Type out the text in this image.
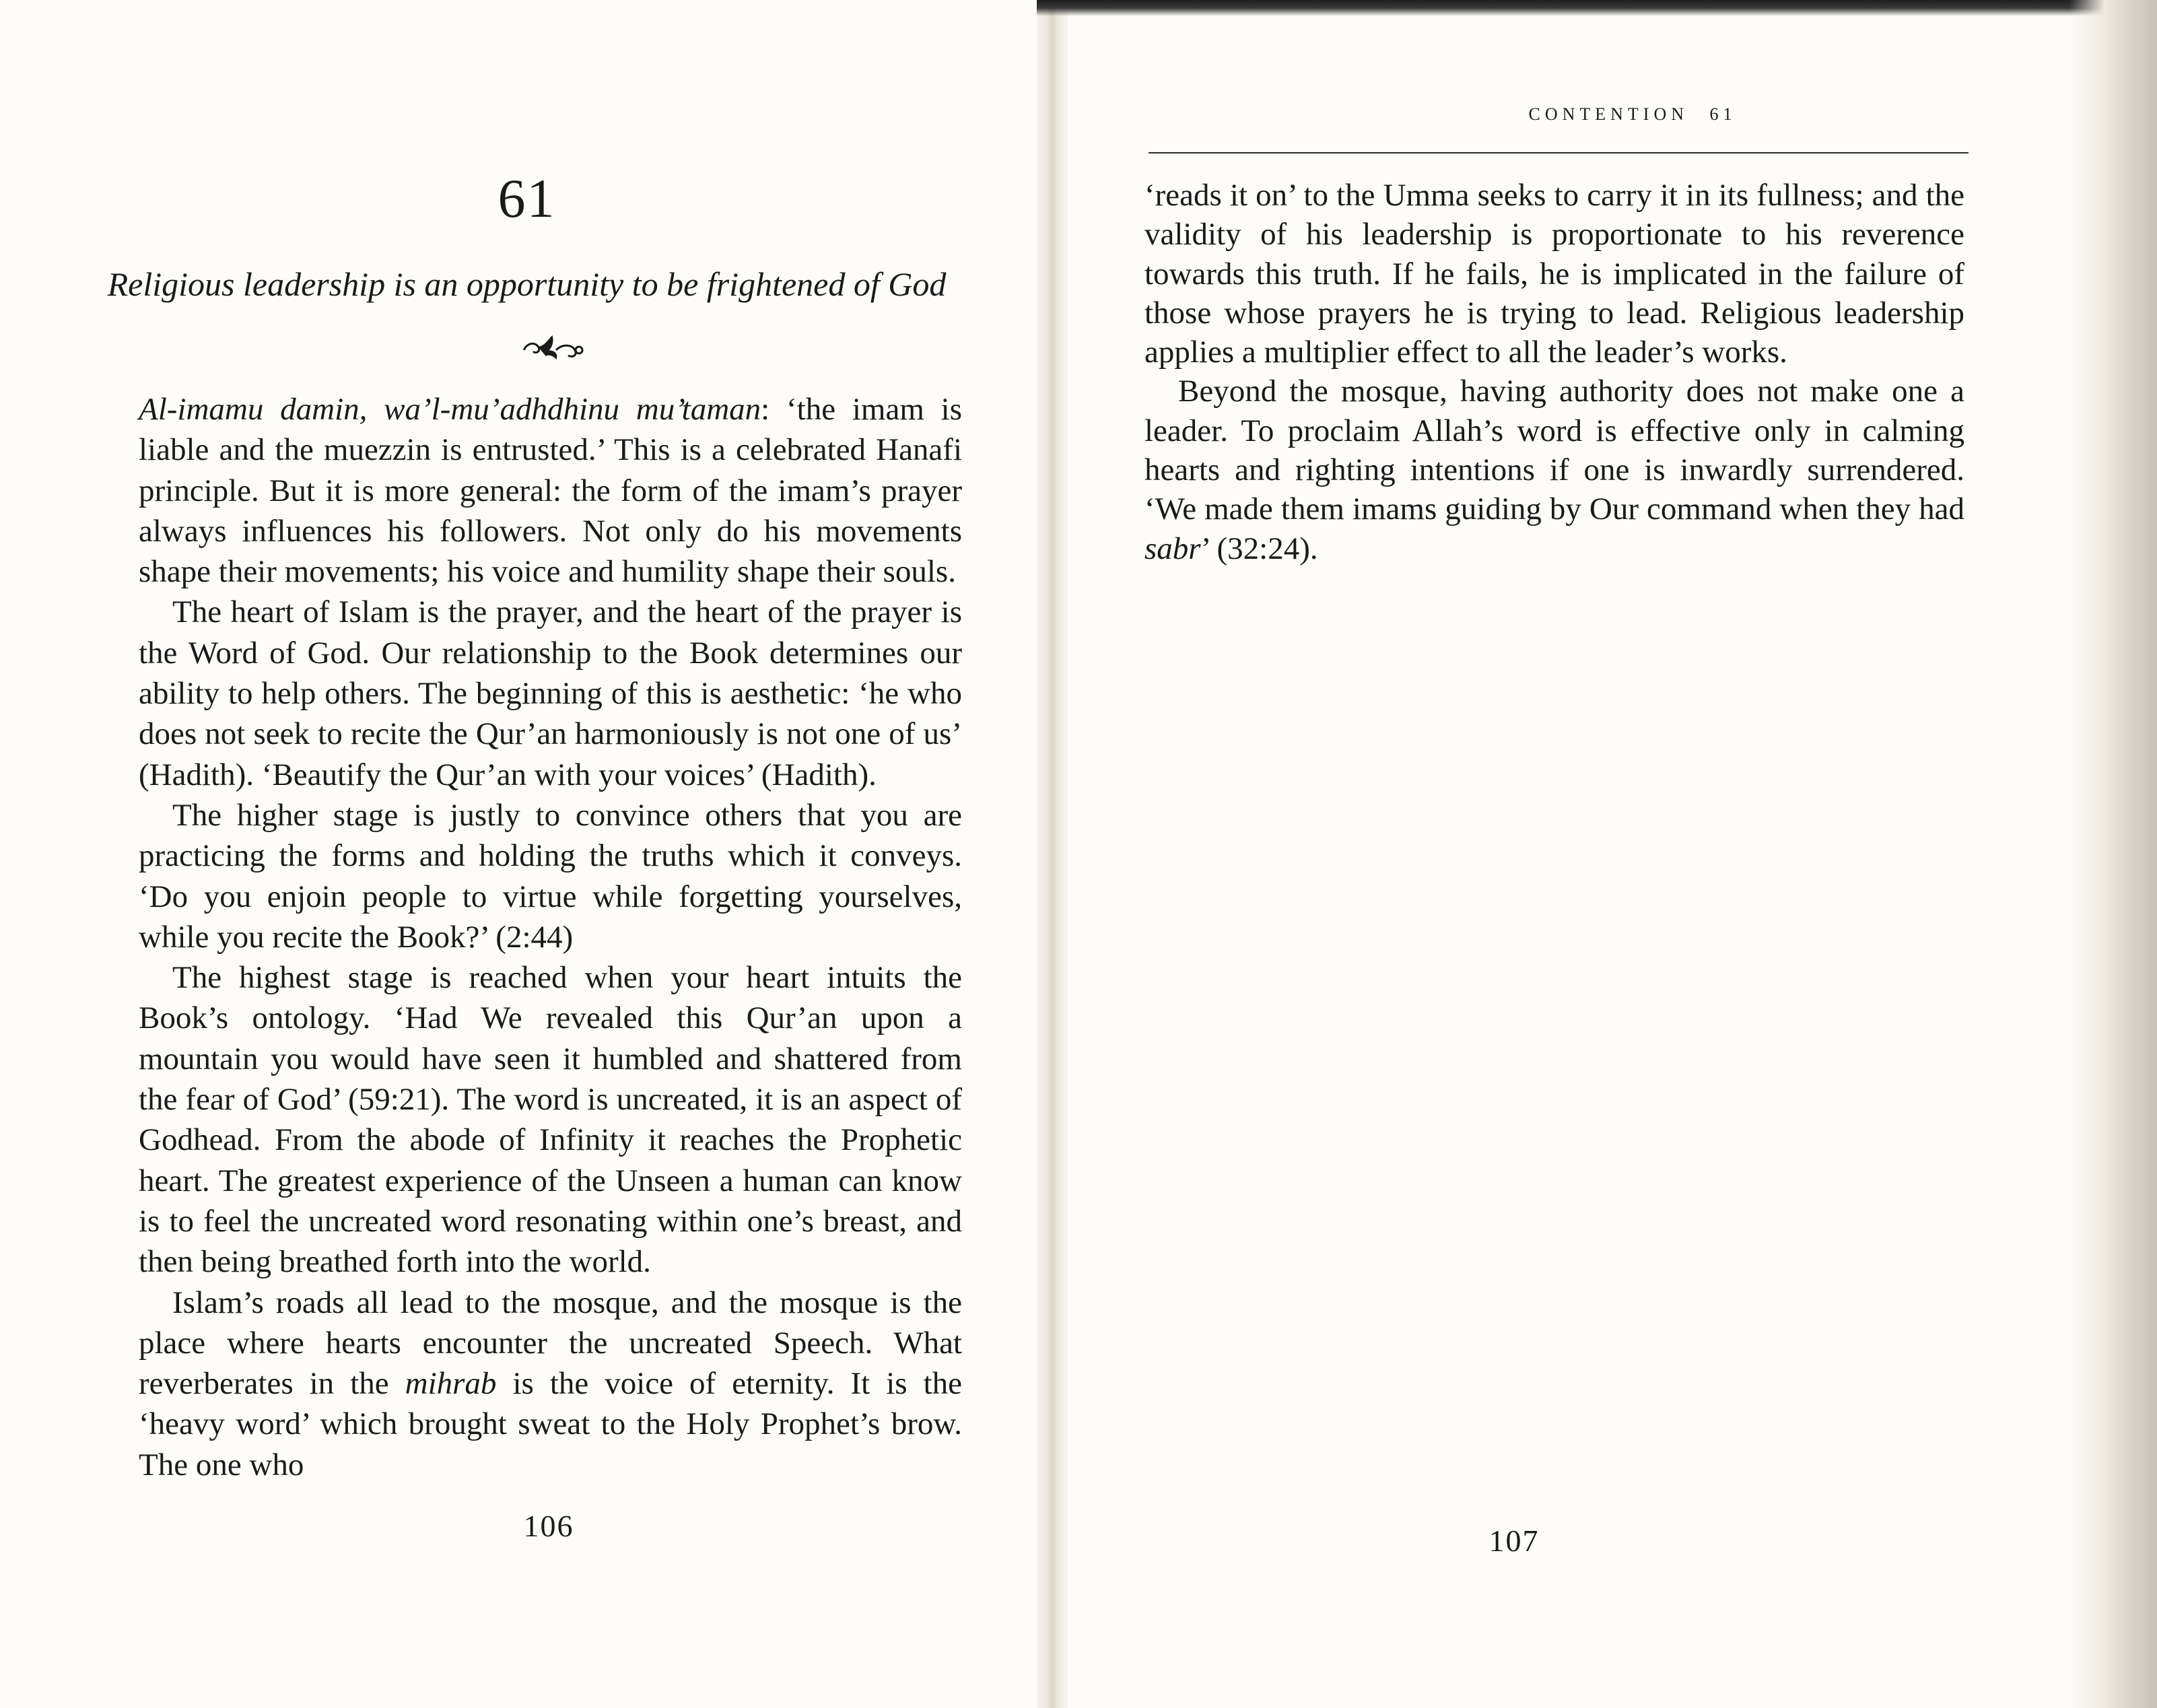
61
Religious leadership is an opportunity to be frightened of God

Al-imamu damin, wa’l-mu’adhdhinu mu’taman: ‘the imam is liable and the muezzin is entrusted.’ This is a celebrated Hanafi principle. But it is more general: the form of the imam’s prayer always influences his followers. Not only do his movements shape their movements; his voice and humility shape their souls.

The heart of Islam is the prayer, and the heart of the prayer is the Word of God. Our relationship to the Book determines our ability to help others. The beginning of this is aesthetic: ‘he who does not seek to recite the Qur’an harmoniously is not one of us’ (Hadith). ‘Beautify the Qur’an with your voices’ (Hadith).

The higher stage is justly to convince others that you are practicing the forms and holding the truths which it conveys. ‘Do you enjoin people to virtue while forgetting yourselves, while you recite the Book?’ (2:44)

The highest stage is reached when your heart intuits the Book’s ontology. ‘Had We revealed this Qur’an upon a mountain you would have seen it humbled and shattered from the fear of God’ (59:21). The word is uncreated, it is an aspect of Godhead. From the abode of Infinity it reaches the Prophetic heart. The greatest experience of the Unseen a human can know is to feel the uncreated word resonating within one’s breast, and then being breathed forth into the world.

Islam’s roads all lead to the mosque, and the mosque is the place where hearts encounter the uncreated Speech. What reverberates in the mihrab is the voice of eternity. It is the ‘heavy word’ which brought sweat to the Holy Prophet’s brow. The one who

106
CONTENTION 61

‘reads it on’ to the Umma seeks to carry it in its fullness; and the validity of his leadership is proportionate to his reverence towards this truth. If he fails, he is implicated in the failure of those whose prayers he is trying to lead. Religious leadership applies a multiplier effect to all the leader’s works.

Beyond the mosque, having authority does not make one a leader. To proclaim Allah’s word is effective only in calming hearts and righting intentions if one is inwardly surrendered. ‘We made them imams guiding by Our command when they had sabr’ (32:24).

107
